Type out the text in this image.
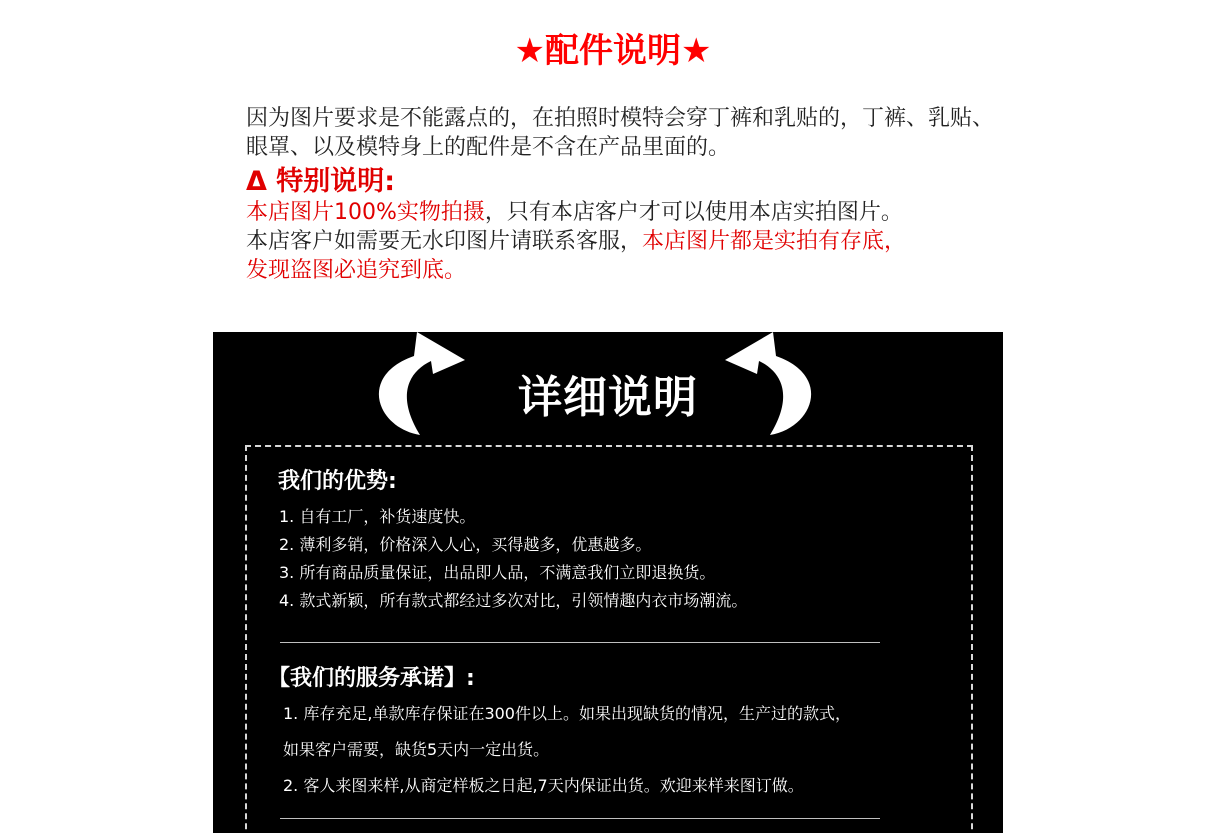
★配件说明★

因为图片要求是不能露点的，在拍照时模特会穿丁裤和乳贴的，丁裤、乳贴、眼罩、以及模特身上的配件是不含在产品里面的。

Δ 特别说明:

本店图片100%实物拍摄，只有本店客户才可以使用本店实拍图片。

本店客户如需要无水印图片请联系客服，本店图片都是实拍有存底，

发现盗图必追究到底。

详细说明
我们的优势:
1. 自有工厂，补货速度快。
2. 薄利多销，价格深入人心，买得越多，优惠越多。
3. 所有商品质量保证，出品即人品，不满意我们立即退换货。
4. 款式新颖，所有款式都经过多次对比，引领情趣内衣市场潮流。
【我们的服务承诺】:
1. 库存充足,单款库存保证在300件以上。如果出现缺货的情况，生产过的款式，
如果客户需要，缺货5天内一定出货。
2. 客人来图来样,从商定样板之日起,7天内保证出货。欢迎来样来图订做。
